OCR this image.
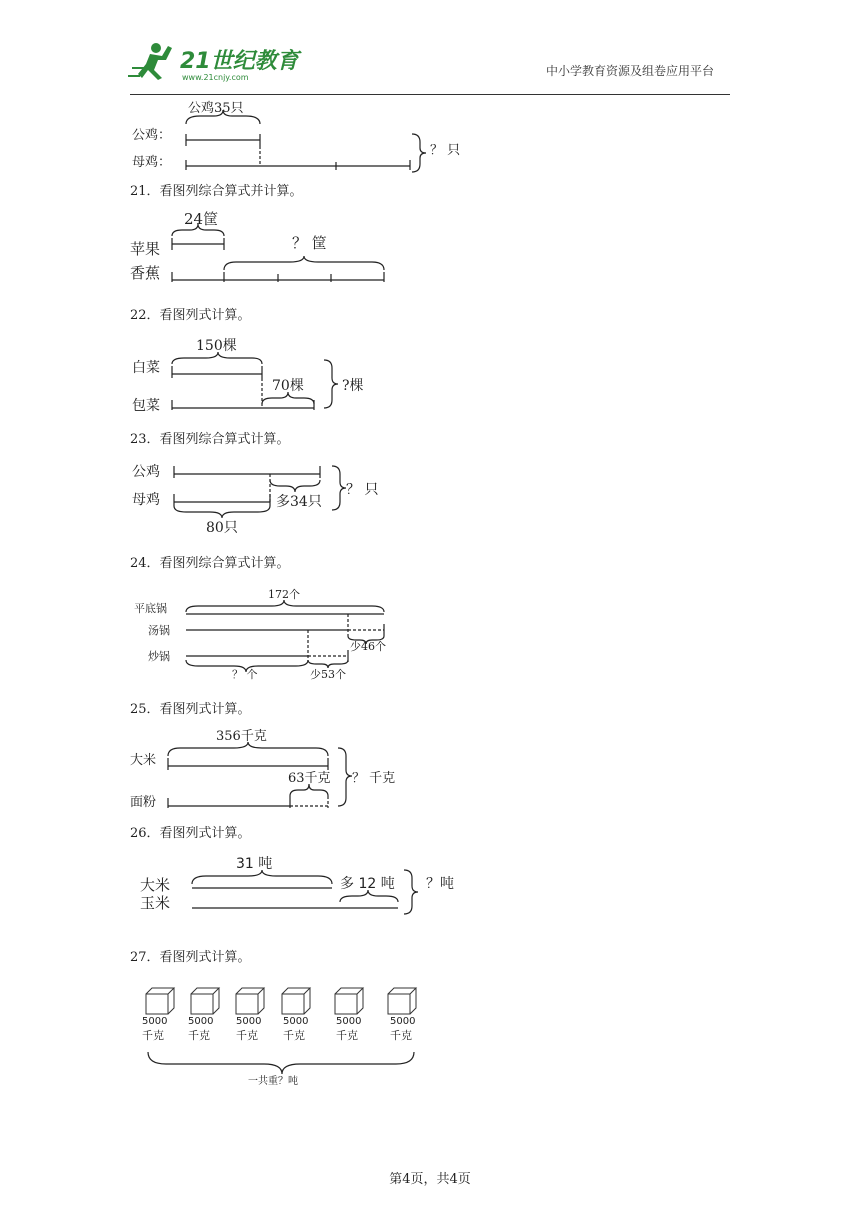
21世纪教育
www.21cnjy.com	中小学教育资源及组卷应用平台
公鸡35只
公鸡：
母鸡：
？ 只
24筐
？ 筐
苹果
香蕉
150棵
白菜
70棵	?棵
包菜
公鸡
母鸡	多34只
？ 只
80只
172个
平底锅
汤锅
少46个
炒锅
？ 个	少53个
356千克
大米
？ 千克
63千克
面粉
31 吨
大米	多 12 吨 ？吨
玉米
5000
千克
5000
千克
5000
千克
5000
千克
5000
千克
5000
千克
一共重？吨
21．看图列综合算式并计算。
22．看图列式计算。
23．看图列综合算式计算。
24．看图列综合算式计算。
25．看图列式计算。
26．看图列式计算。
27．看图列式计算。
第4页，共4页
